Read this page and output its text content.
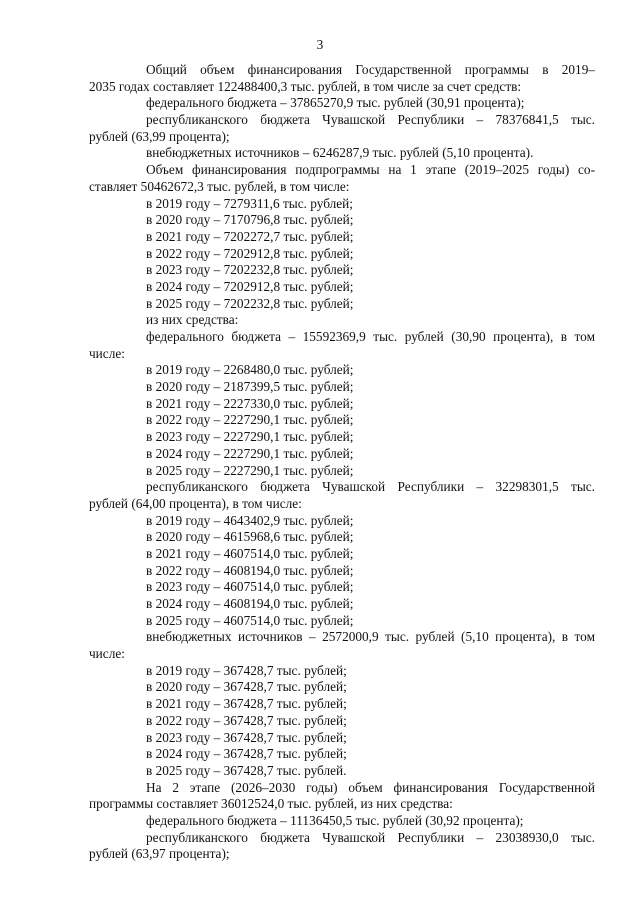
3
Общий объем финансирования Государственной программы в 2019–
2035 годах составляет 122488400,3 тыс. рублей, в том числе за счет средств:
федерального бюджета – 37865270,9 тыс. рублей (30,91 процента);
республиканского бюджета Чувашской Республики – 78376841,5 тыс.
рублей (63,99 процента);
внебюджетных источников – 6246287,9 тыс. рублей (5,10 процента).
Объем финансирования подпрограммы на 1 этапе (2019–2025 годы) со-
ставляет 50462672,3 тыс. рублей, в том числе:
в 2019 году – 7279311,6 тыс. рублей;
в 2020 году – 7170796,8 тыс. рублей;
в 2021 году – 7202272,7 тыс. рублей;
в 2022 году – 7202912,8 тыс. рублей;
в 2023 году – 7202232,8 тыс. рублей;
в 2024 году – 7202912,8 тыс. рублей;
в 2025 году – 7202232,8 тыс. рублей;
из них средства:
федерального бюджета – 15592369,9 тыс. рублей (30,90 процента), в том
числе:
в 2019 году – 2268480,0 тыс. рублей;
в 2020 году – 2187399,5 тыс. рублей;
в 2021 году – 2227330,0 тыс. рублей;
в 2022 году – 2227290,1 тыс. рублей;
в 2023 году – 2227290,1 тыс. рублей;
в 2024 году – 2227290,1 тыс. рублей;
в 2025 году – 2227290,1 тыс. рублей;
республиканского бюджета Чувашской Республики – 32298301,5 тыс.
рублей (64,00 процента), в том числе:
в 2019 году – 4643402,9 тыс. рублей;
в 2020 году – 4615968,6 тыс. рублей;
в 2021 году – 4607514,0 тыс. рублей;
в 2022 году – 4608194,0 тыс. рублей;
в 2023 году – 4607514,0 тыс. рублей;
в 2024 году – 4608194,0 тыс. рублей;
в 2025 году – 4607514,0 тыс. рублей;
внебюджетных источников – 2572000,9 тыс. рублей (5,10 процента), в том
числе:
в 2019 году – 367428,7 тыс. рублей;
в 2020 году – 367428,7 тыс. рублей;
в 2021 году – 367428,7 тыс. рублей;
в 2022 году – 367428,7 тыс. рублей;
в 2023 году – 367428,7 тыс. рублей;
в 2024 году – 367428,7 тыс. рублей;
в 2025 году – 367428,7 тыс. рублей.
На 2 этапе (2026–2030 годы) объем финансирования Государственной
программы составляет 36012524,0 тыс. рублей, из них средства:
федерального бюджета – 11136450,5 тыс. рублей (30,92 процента);
республиканского бюджета Чувашской Республики – 23038930,0 тыс.
рублей (63,97 процента);
